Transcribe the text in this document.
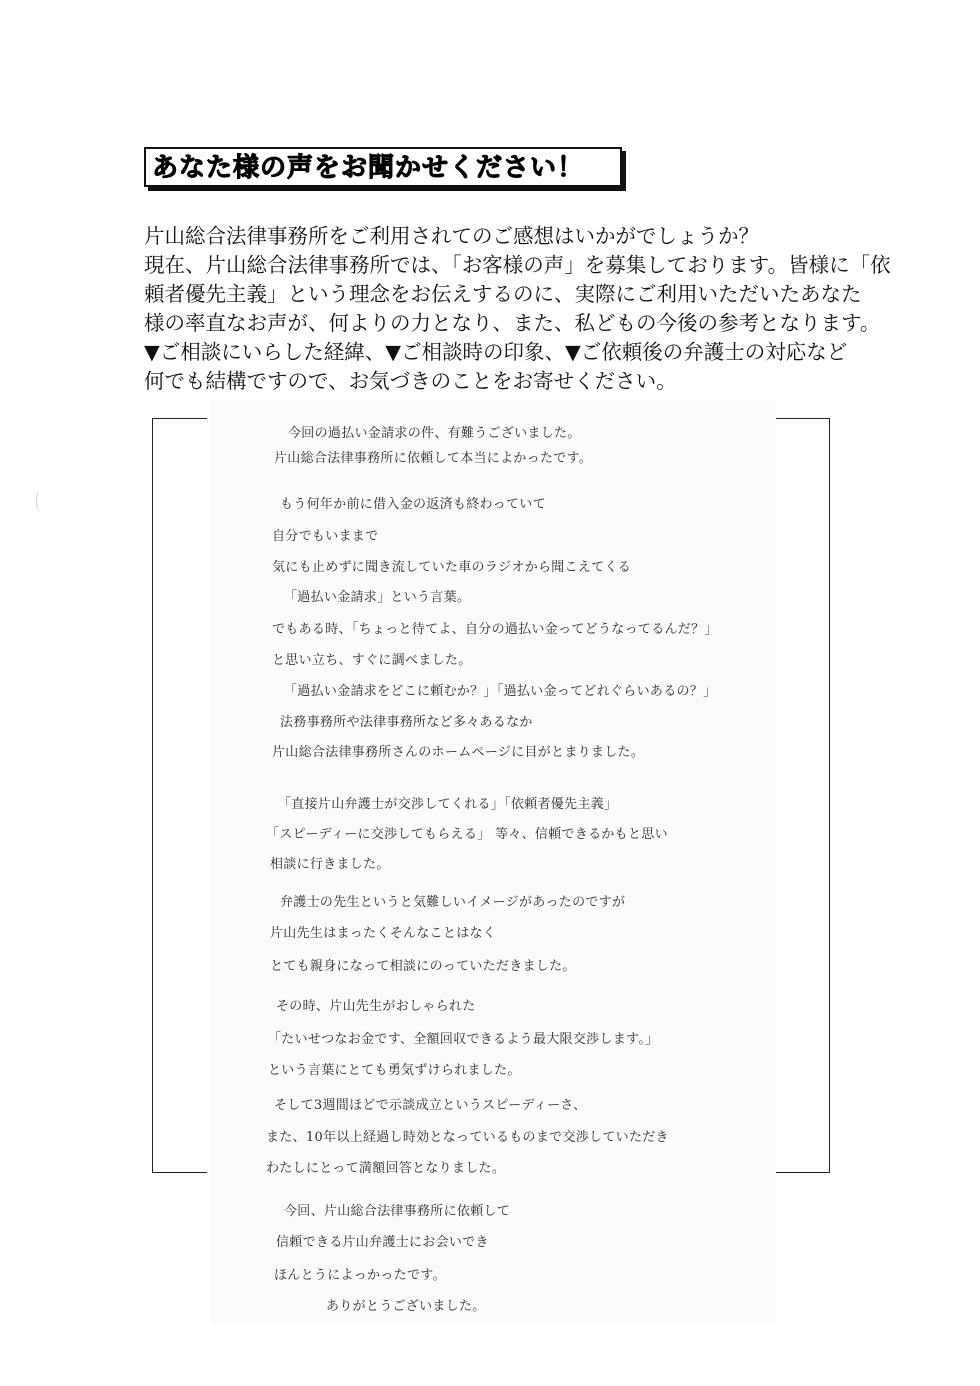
あなた様の声をお聞かせください！
片山総合法律事務所をご利用されてのご感想はいかがでしょうか？
現在、片山総合法律事務所では、「お客様の声」を募集しております。皆様に「依
頼者優先主義」という理念をお伝えするのに、実際にご利用いただいたあなた
様の率直なお声が、何よりの力となり、また、私どもの今後の参考となります。
▼ご相談にいらした経緯、▼ご相談時の印象、▼ご依頼後の弁護士の対応など
何でも結構ですので、お気づきのことをお寄せください。
今回の過払い金請求の件、有難うございました。
片山総合法律事務所に依頼して本当によかったです。
もう何年か前に借入金の返済も終わっていて
自分でもいままで
気にも止めずに聞き流していた車のラジオから聞こえてくる
「過払い金請求」という言葉。
でもある時、「ちょっと待てよ、自分の過払い金ってどうなってるんだ？」
と思い立ち、すぐに調べました。
「過払い金請求をどこに頼むか？」「過払い金ってどれぐらいあるの？」
法務事務所や法律事務所など多々あるなか
片山総合法律事務所さんのホームページに目がとまりました。
「直接片山弁護士が交渉してくれる」「依頼者優先主義」
「スピーディーに交渉してもらえる」 等々、信頼できるかもと思い
相談に行きました。
弁護士の先生というと気難しいイメージがあったのですが
片山先生はまったくそんなことはなく
とても親身になって相談にのっていただきました。
その時、片山先生がおしゃられた
「たいせつなお金です、全額回収できるよう最大限交渉します。」
という言葉にとても勇気ずけられました。
そして3週間ほどで示談成立というスピーディーさ、
また、10年以上経過し時効となっているものまで交渉していただき
わたしにとって満額回答となりました。
今回、片山総合法律事務所に依頼して
信頼できる片山弁護士にお会いでき
ほんとうによっかったです。
ありがとうございました。
